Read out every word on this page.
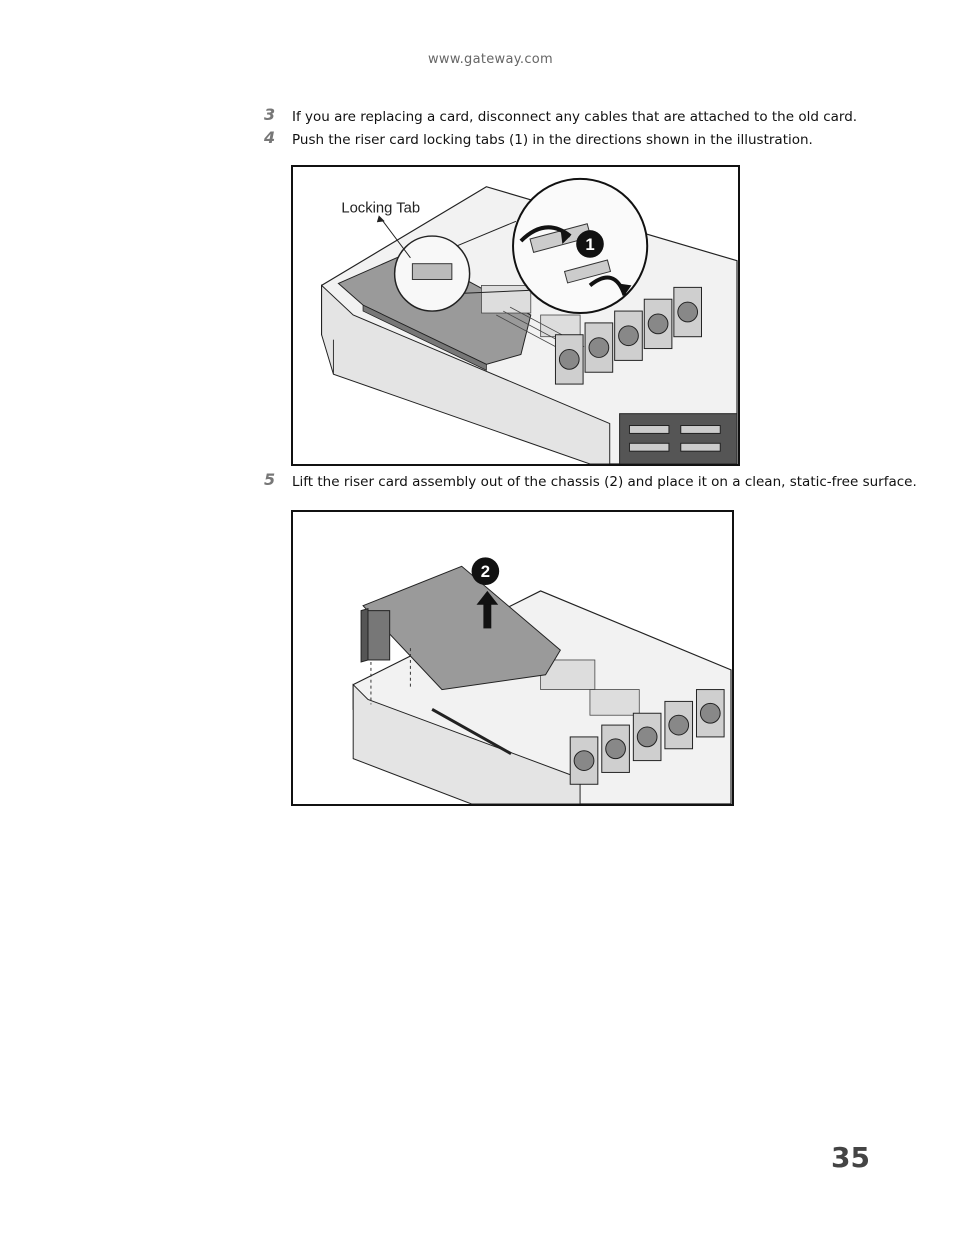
www.gateway.com
3 If you are replacing a card, disconnect any cables that are attached to the old card.
4 Push the riser card locking tabs (1) in the directions shown in the illustration.
1
Locking Tab
5 Lift the riser card assembly out of the chassis (2) and place it on a clean, static-free surface.
2
35
